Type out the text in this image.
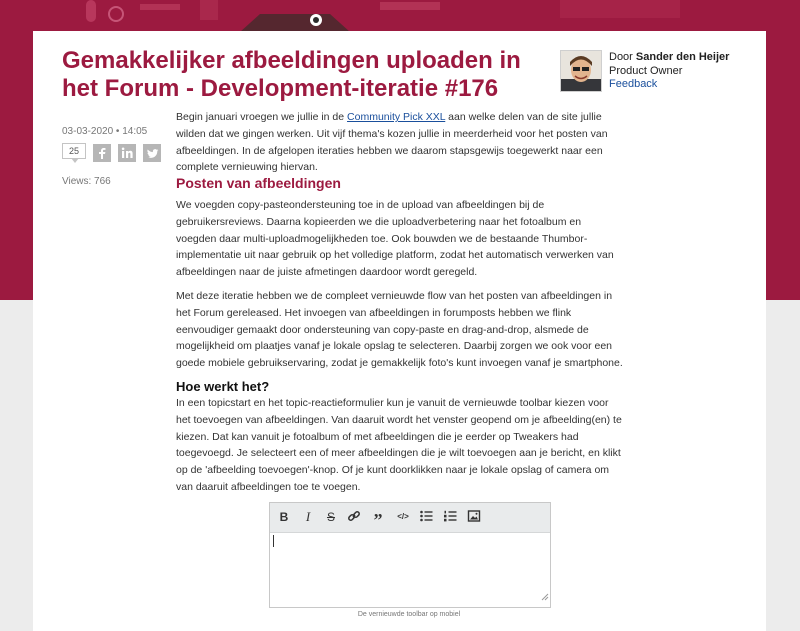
Gemakkelijker afbeeldingen uploaden in het Forum - Development-iteratie #176
Door Sander den Heijer
Product Owner
Feedback
03-03-2020 • 14:05
25
Views: 766

Begin januari vroegen we jullie in de Community Pick XXL aan welke delen van de site jullie wilden dat we gingen werken. Uit vijf thema's kozen jullie in meerderheid voor het posten van afbeeldingen. In de afgelopen iteraties hebben we daarom stapsgewijs toegewerkt naar een complete vernieuwing hiervan.

Posten van afbeeldingen

We voegden copy-pasteondersteuning toe in de upload van afbeeldingen bij de gebruikersreviews. Daarna kopieerden we die uploadverbetering naar het fotoalbum en voegden daar multi-uploadmogelijkheden toe. Ook bouwden we de bestaande Thumbor-implementatie uit naar gebruik op het volledige platform, zodat het automatisch verwerken van afbeeldingen naar de juiste afmetingen daardoor wordt geregeld.

Met deze iteratie hebben we de compleet vernieuwde flow van het posten van afbeeldingen in het Forum gereleased. Het invoegen van afbeeldingen in forumposts hebben we flink eenvoudiger gemaakt door ondersteuning van copy-paste en drag-and-drop, alsmede de mogelijkheid om plaatjes vanaf je lokale opslag te selecteren. Daarbij zorgen we ook voor een goede mobiele gebruikservaring, zodat je gemakkelijk foto's kunt invoegen vanaf je smartphone.

Hoe werkt het?

In een topicstart en het topic-reactieformulier kun je vanuit de vernieuwde toolbar kiezen voor het toevoegen van afbeeldingen. Van daaruit wordt het venster geopend om je afbeelding(en) te kiezen. Dat kan vanuit je fotoalbum of met afbeeldingen die je eerder op Tweakers had toegevoegd. Je selecteert een of meer afbeeldingen die je wilt toevoegen aan je bericht, en klikt op de 'afbeelding toevoegen'-knop. Of je kunt doorklikken naar je lokale opslag of camera om van daaruit afbeeldingen toe te voegen.

B	I	S ”	</>
De vernieuwde toolbar op mobiel
